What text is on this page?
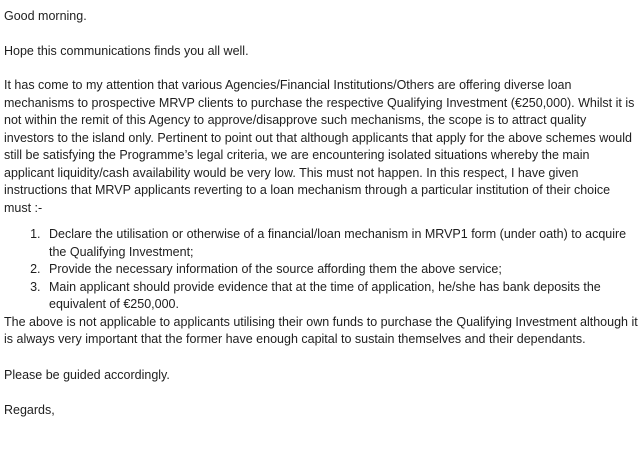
Good morning.

Hope this communications finds you all well.

It has come to my attention that various Agencies/Financial Institutions/Others are offering diverse loan mechanisms to prospective MRVP clients to purchase the respective Qualifying Investment (€250,000). Whilst it is not within the remit of this Agency to approve/disapprove such mechanisms, the scope is to attract quality investors to the island only. Pertinent to point out that although applicants that apply for the above schemes would still be satisfying the Programme’s legal criteria, we are encountering isolated situations whereby the main applicant liquidity/cash availability would be very low. This must not happen. In this respect, I have given instructions that MRVP applicants reverting to a loan mechanism through a particular institution of their choice must :-

1. Declare the utilisation or otherwise of a financial/loan mechanism in MRVP1 form (under oath) to acquire the Qualifying Investment;
2. Provide the necessary information of the source affording them the above service;
3. Main applicant should provide evidence that at the time of application, he/she has bank deposits the equivalent of €250,000.

The above is not applicable to applicants utilising their own funds to purchase the Qualifying Investment although it is always very important that the former have enough capital to sustain themselves and their dependants.

Please be guided accordingly.

Regards,
